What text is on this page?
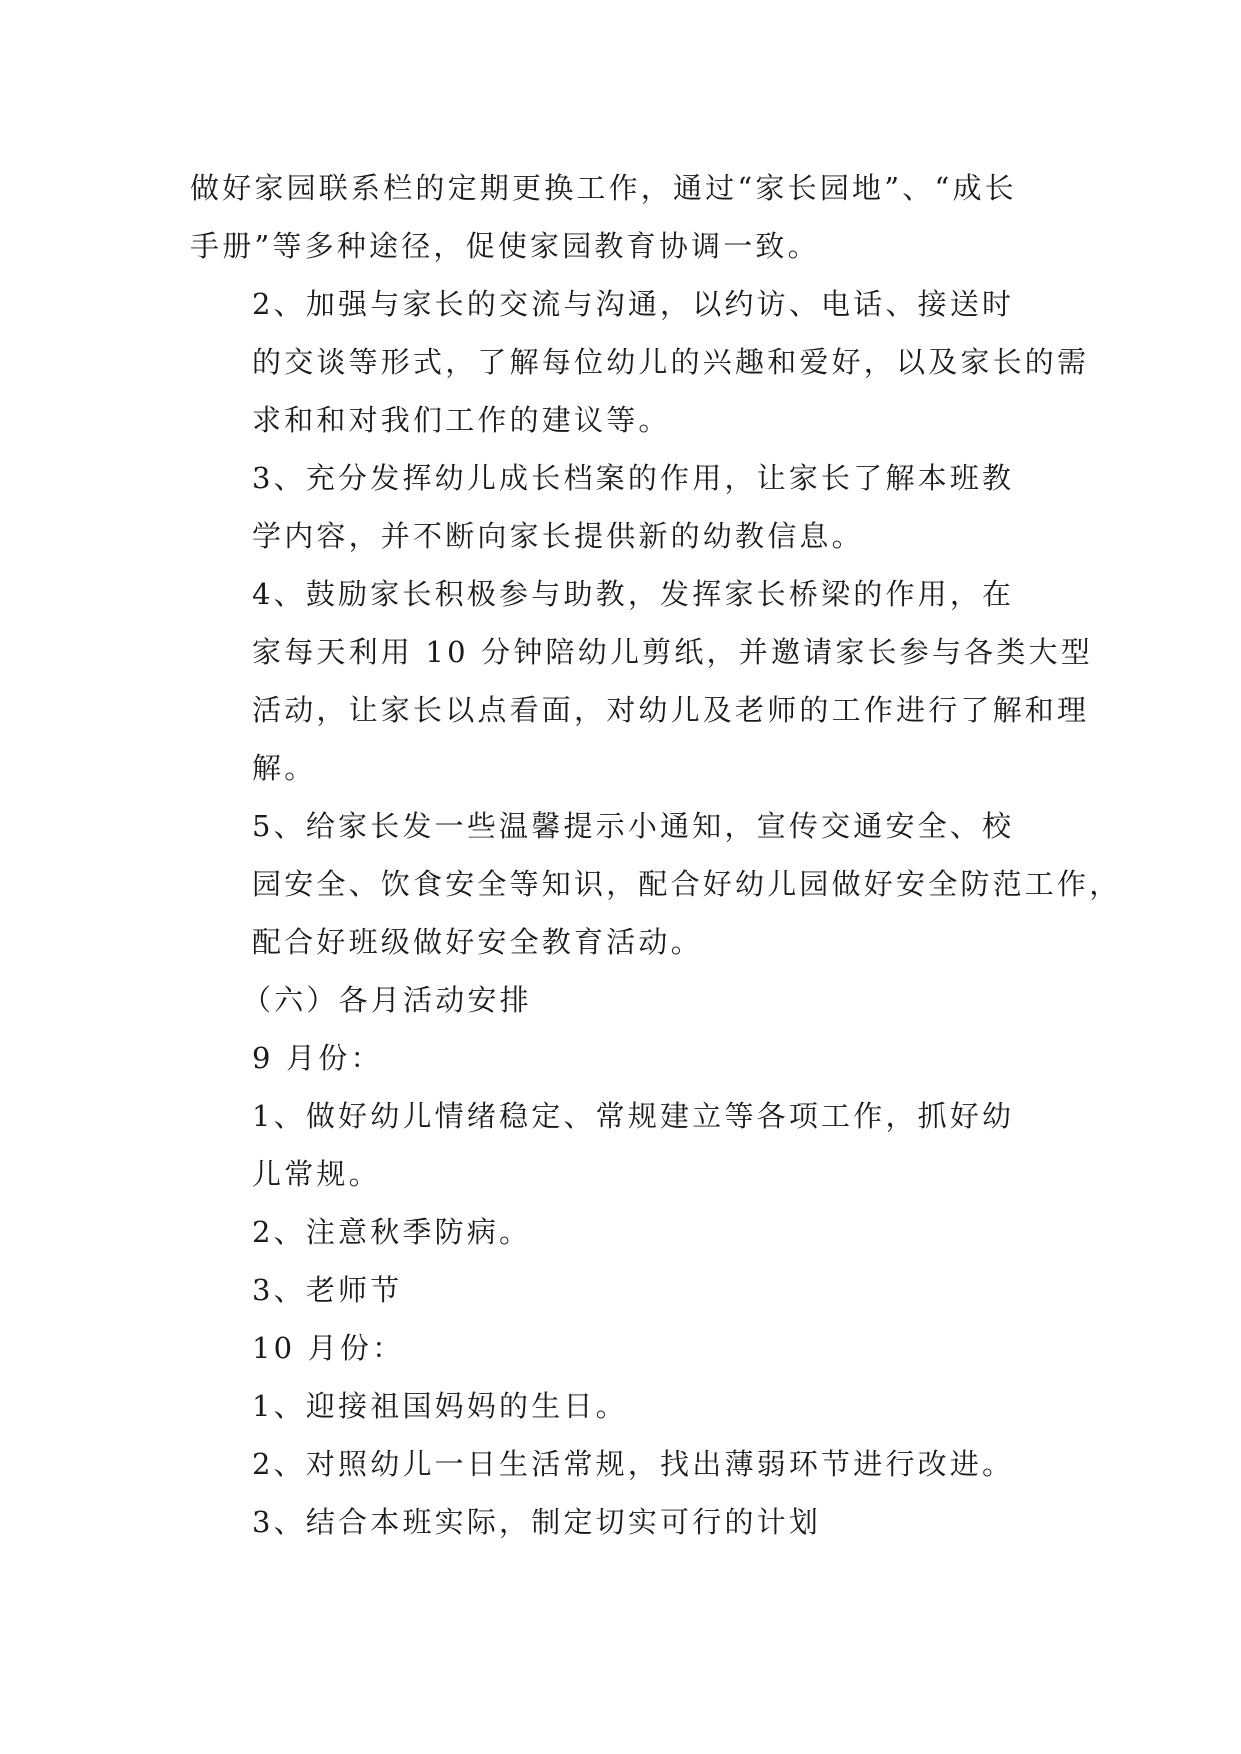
做好家园联系栏的定期更换工作，通过“家长园地”、“成长
手册”等多种途径，促使家园教育协调一致。

2、加强与家长的交流与沟通，以约访、电话、接送时
的交谈等形式，了解每位幼儿的兴趣和爱好，以及家长的需
求和和对我们工作的建议等。

3、充分发挥幼儿成长档案的作用，让家长了解本班教
学内容，并不断向家长提供新的幼教信息。

4、鼓励家长积极参与助教，发挥家长桥梁的作用，在
家每天利用 10 分钟陪幼儿剪纸，并邀请家长参与各类大型
活动，让家长以点看面，对幼儿及老师的工作进行了解和理
解。

5、给家长发一些温馨提示小通知，宣传交通安全、校
园安全、饮食安全等知识，配合好幼儿园做好安全防范工作，
配合好班级做好安全教育活动。

（六）各月活动安排

9 月份：

1、做好幼儿情绪稳定、常规建立等各项工作，抓好幼
儿常规。

2、注意秋季防病。

3、老师节

10 月份：

1、迎接祖国妈妈的生日。

2、对照幼儿一日生活常规，找出薄弱环节进行改进。

3、结合本班实际，制定切实可行的计划
